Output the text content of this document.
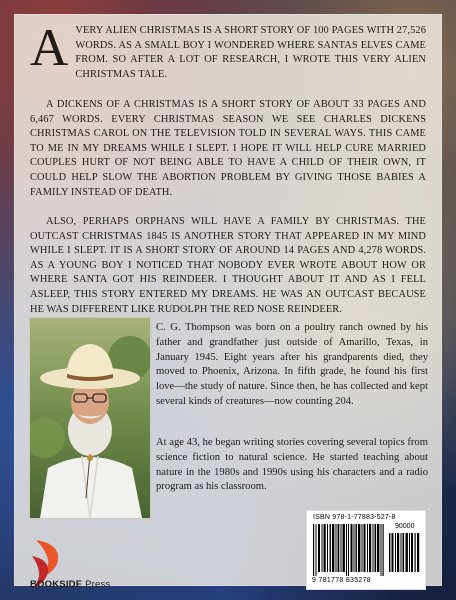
AVERY ALIEN CHRISTMAS IS A SHORT STORY OF 100 PAGES WITH 27,526 WORDS. AS A SMALL BOY I WONDERED WHERE SANTAS ELVES CAME FROM. SO AFTER A LOT OF RESEARCH, I WROTE THIS VERY ALIEN CHRISTMAS TALE.

A DICKENS OF A CHRISTMAS IS A SHORT STORY OF ABOUT 33 PAGES AND 6,467 WORDS. EVERY CHRISTMAS SEASON WE SEE CHARLES DICKENS CHRISTMAS CAROL ON THE TELEVISION TOLD IN SEVERAL WAYS. THIS CAME TO ME IN MY DREAMS WHILE I SLEPT. I HOPE IT WILL HELP CURE MARRIED COUPLES HURT OF NOT BEING ABLE TO HAVE A CHILD OF THEIR OWN, IT COULD HELP SLOW THE ABORTION PROBLEM BY GIVING THOSE BABIES A FAMILY INSTEAD OF DEATH.

ALSO, PERHAPS ORPHANS WILL HAVE A FAMILY BY CHRISTMAS. THE OUTCAST CHRISTMAS 1845 IS ANOTHER STORY THAT APPEARED IN MY MIND WHILE I SLEPT. IT IS A SHORT STORY OF AROUND 14 PAGES AND 4,278 WORDS. AS A YOUNG BOY I NOTICED THAT NOBODY EVER WROTE ABOUT HOW OR WHERE SANTA GOT HIS REINDEER. I THOUGHT ABOUT IT AND AS I FELL ASLEEP, THIS STORY ENTERED MY DREAMS. HE WAS AN OUTCAST BECAUSE HE WAS DIFFERENT LIKE RUDOLPH THE RED NOSE REINDEER.

C. G. Thompson was born on a poultry ranch owned by his father and grandfather just outside of Amarillo, Texas, in January 1945. Eight years after his grandparents died, they moved to Phoenix, Arizona. In fifth grade, he found his first love—the study of nature. Since then, he has collected and kept several kinds of creatures—now counting 204.

At age 43, he began writing stories covering several topics from science fiction to natural science. He started teaching about nature in the 1980s and 1990s using his characters and a radio program as his classroom.

BOOKSIDE Press

ISBN 978-1-77883-527-8
90000
9 781778 835278
